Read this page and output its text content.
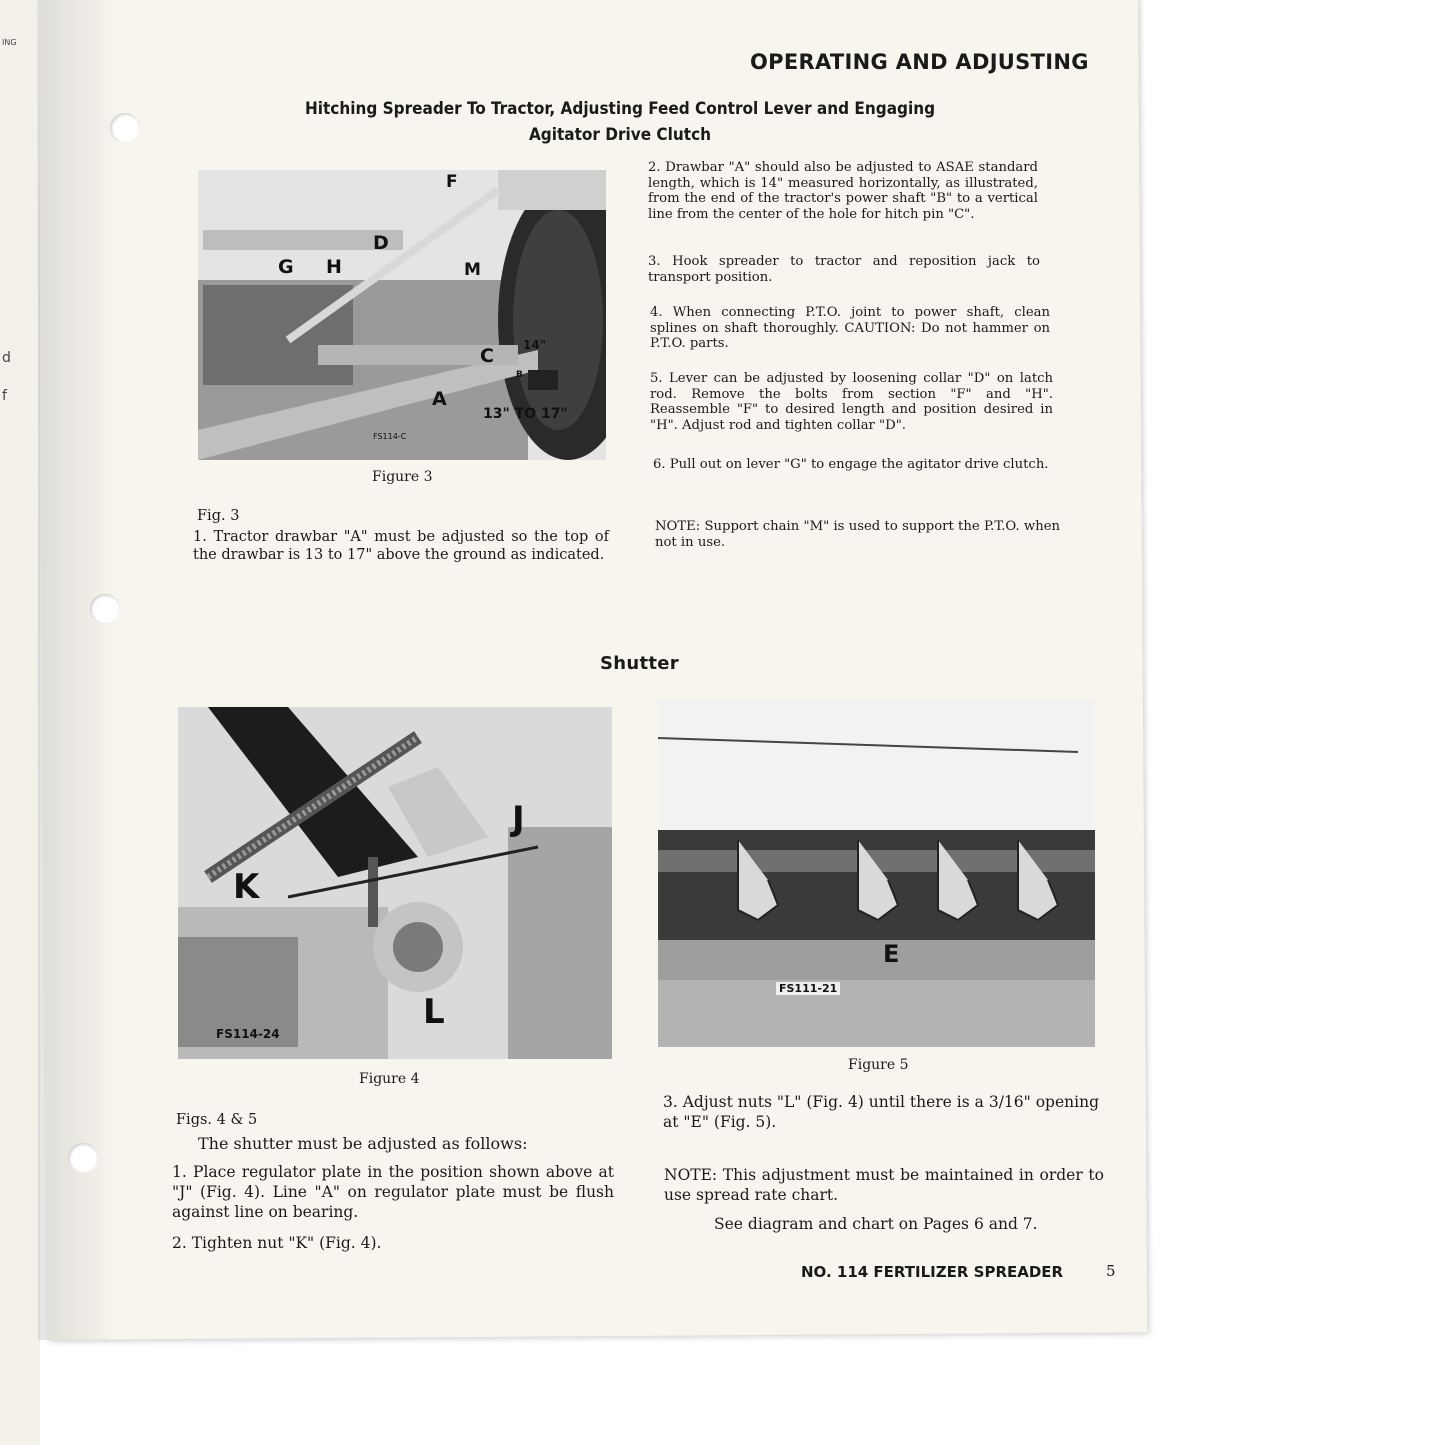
ING
d
f
OPERATING AND ADJUSTING
Hitching Spreader To Tractor, Adjusting Feed Control Lever and Engaging
Agitator Drive Clutch
F
D
G H	M
C
A
B
14"
13" TO 17"
FS114-C
Figure 3
Fig. 3
1. Tractor drawbar "A" must be adjusted so the top of the drawbar is 13 to 17" above the ground as indicated.
2. Drawbar "A" should also be adjusted to ASAE standard length, which is 14" measured horizontally, as illustrated, from the end of the tractor's power shaft "B" to a vertical line from the center of the hole for hitch pin "C".
3. Hook spreader to tractor and reposition jack to transport position.
4. When connecting P.T.O. joint to power shaft, clean splines on shaft thoroughly. CAUTION: Do not hammer on P.T.O. parts.
5. Lever can be adjusted by loosening collar "D" on latch rod. Remove the bolts from section "F" and "H". Reassemble "F" to desired length and position desired in "H". Adjust rod and tighten collar "D".
6. Pull out on lever "G" to engage the agitator drive clutch.
NOTE: Support chain "M" is used to support the P.T.O. when not in use.
Shutter
K
J
L
FS114-24
Figure 4
E
FS111-21
Figure 5
Figs. 4 & 5
The shutter must be adjusted as follows:
1. Place regulator plate in the position shown above at "J" (Fig. 4). Line "A" on regulator plate must be flush against line on bearing.
2. Tighten nut "K" (Fig. 4).
3. Adjust nuts "L" (Fig. 4) until there is a 3/16" opening at "E" (Fig. 5).
NOTE: This adjustment must be maintained in order to use spread rate chart.
See diagram and chart on Pages 6 and 7.
NO. 114 FERTILIZER SPREADER	5
